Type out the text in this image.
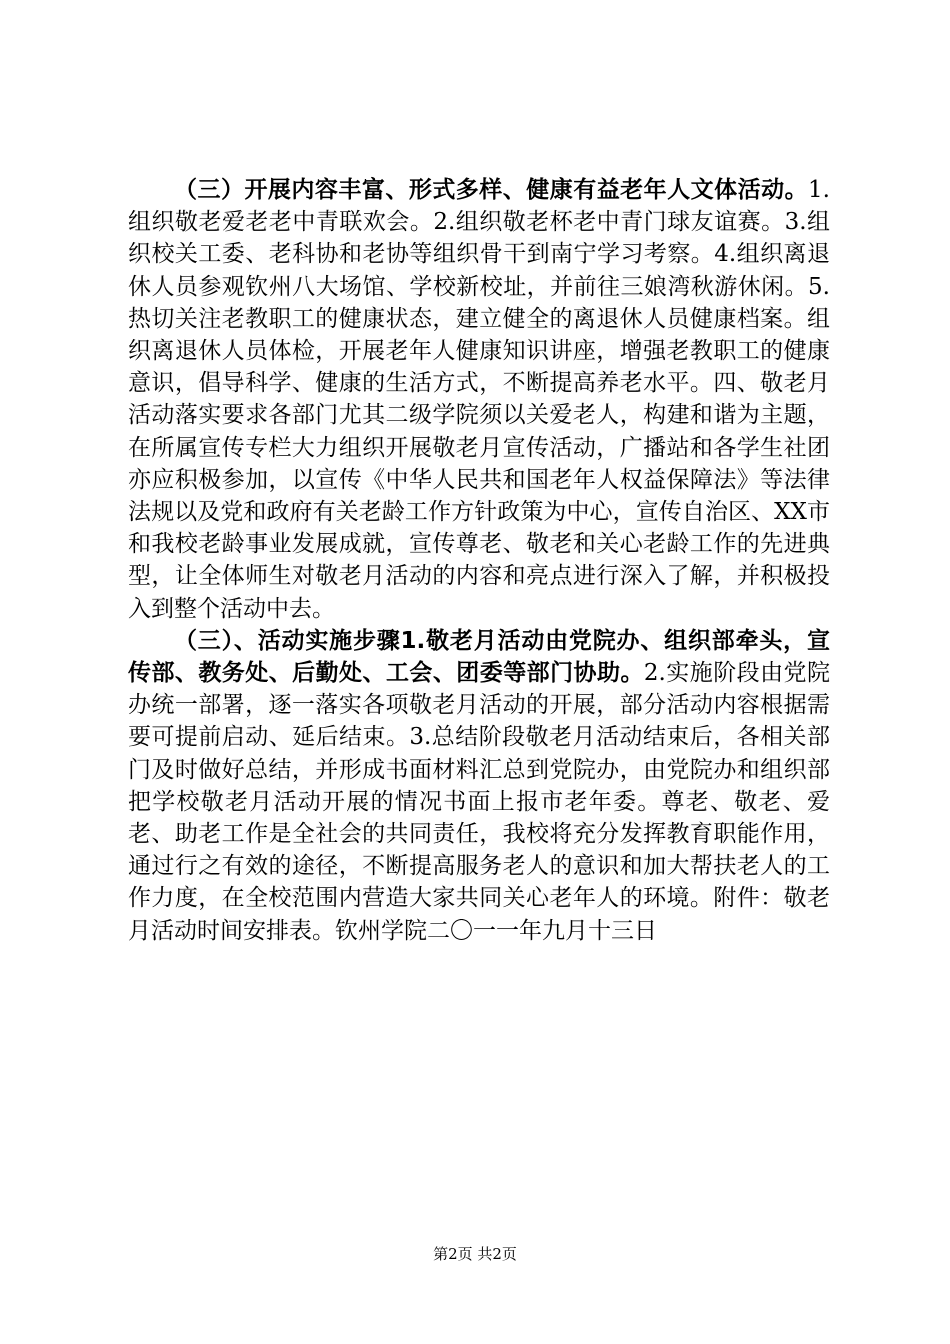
（三）开展内容丰富、形式多样、健康有益老年人文体活动。1.组织敬老爱老老中青联欢会。2.组织敬老杯老中青门球友谊赛。3.组织校关工委、老科协和老协等组织骨干到南宁学习考察。4.组织离退休人员参观钦州八大场馆、学校新校址，并前往三娘湾秋游休闲。5.热切关注老教职工的健康状态，建立健全的离退休人员健康档案。组织离退休人员体检，开展老年人健康知识讲座，增强老教职工的健康意识，倡导科学、健康的生活方式，不断提高养老水平。四、敬老月活动落实要求各部门尤其二级学院须以关爱老人，构建和谐为主题，在所属宣传专栏大力组织开展敬老月宣传活动，广播站和各学生社团亦应积极参加，以宣传《中华人民共和国老年人权益保障法》等法律法规以及党和政府有关老龄工作方针政策为中心，宣传自治区、XX市和我校老龄事业发展成就，宣传尊老、敬老和关心老龄工作的先进典型，让全体师生对敬老月活动的内容和亮点进行深入了解，并积极投入到整个活动中去。

（三）、活动实施步骤1.敬老月活动由党院办、组织部牵头，宣传部、教务处、后勤处、工会、团委等部门协助。2.实施阶段由党院办统一部署，逐一落实各项敬老月活动的开展，部分活动内容根据需要可提前启动、延后结束。3.总结阶段敬老月活动结束后，各相关部门及时做好总结，并形成书面材料汇总到党院办，由党院办和组织部把学校敬老月活动开展的情况书面上报市老年委。尊老、敬老、爱老、助老工作是全社会的共同责任，我校将充分发挥教育职能作用，通过行之有效的途径，不断提高服务老人的意识和加大帮扶老人的工作力度，在全校范围内营造大家共同关心老年人的环境。附件：敬老月活动时间安排表。钦州学院二〇一一年九月十三日

第2页 共2页
